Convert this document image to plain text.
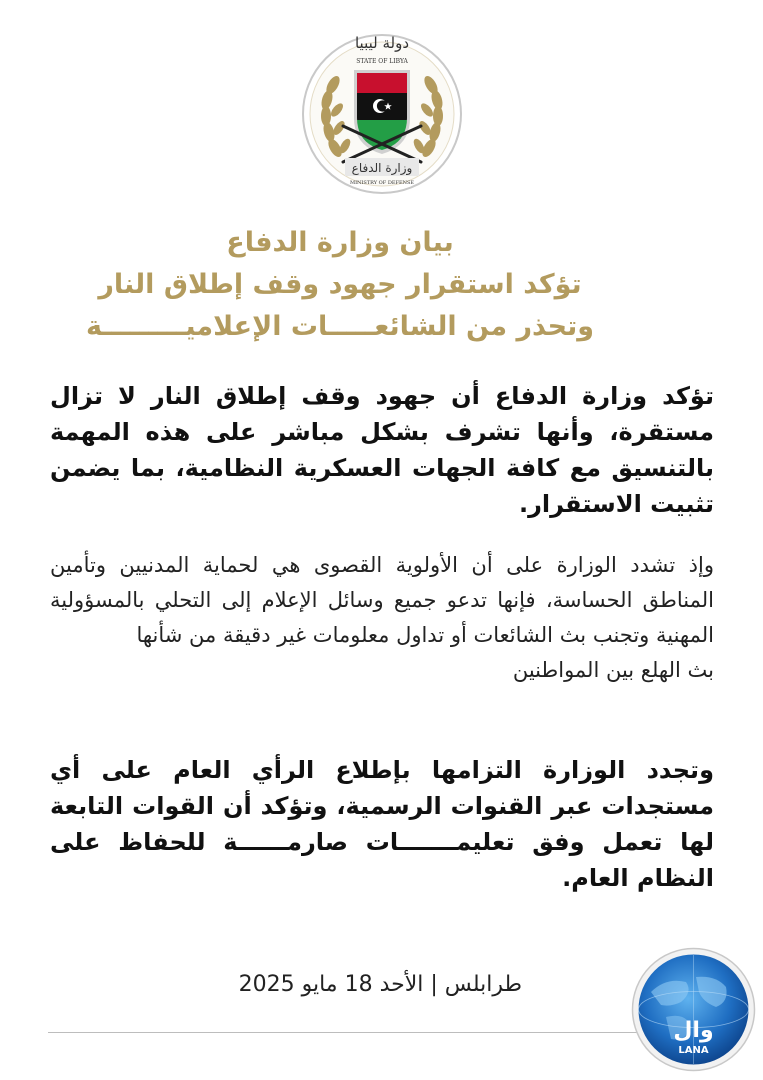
دولة ليبيا
STATE OF LIBYA
وزارة الدفاع
MINISTRY OF DEFENSE
بيان وزارة الدفاع
تؤكد استقرار جهود وقف إطلاق النار
وتحذر من الشائعـــــات الإعلاميـــــــــة
تؤكد وزارة الدفاع أن جهود وقف إطلاق النار لا تزال مستقرة، وأنها تشرف بشكل مباشر على هذه المهمة بالتنسيق مع كافة الجهات العسكرية النظامية، بما يضمن تثبيت الاستقرار.
وإذ تشدد الوزارة على أن الأولوية القصوى هي لحماية المدنيين وتأمين المناطق الحساسة، فإنها تدعو جميع وسائل الإعلام إلى التحلي بالمسؤولية المهنية وتجنب بث الشائعات أو تداول معلومات غير دقيقة من شأنها
بث الهلع بين المواطنين
وتجدد الوزارة التزامها بإطلاع الرأي العام على أي مستجدات عبر القنوات الرسمية، وتؤكد أن القوات التابعة لها تعمل وفق تعليمـــــــات صارمــــــة للحفاظ على النظام العام.
طرابلس | الأحد 18 مايو 2025
وال
LANA
